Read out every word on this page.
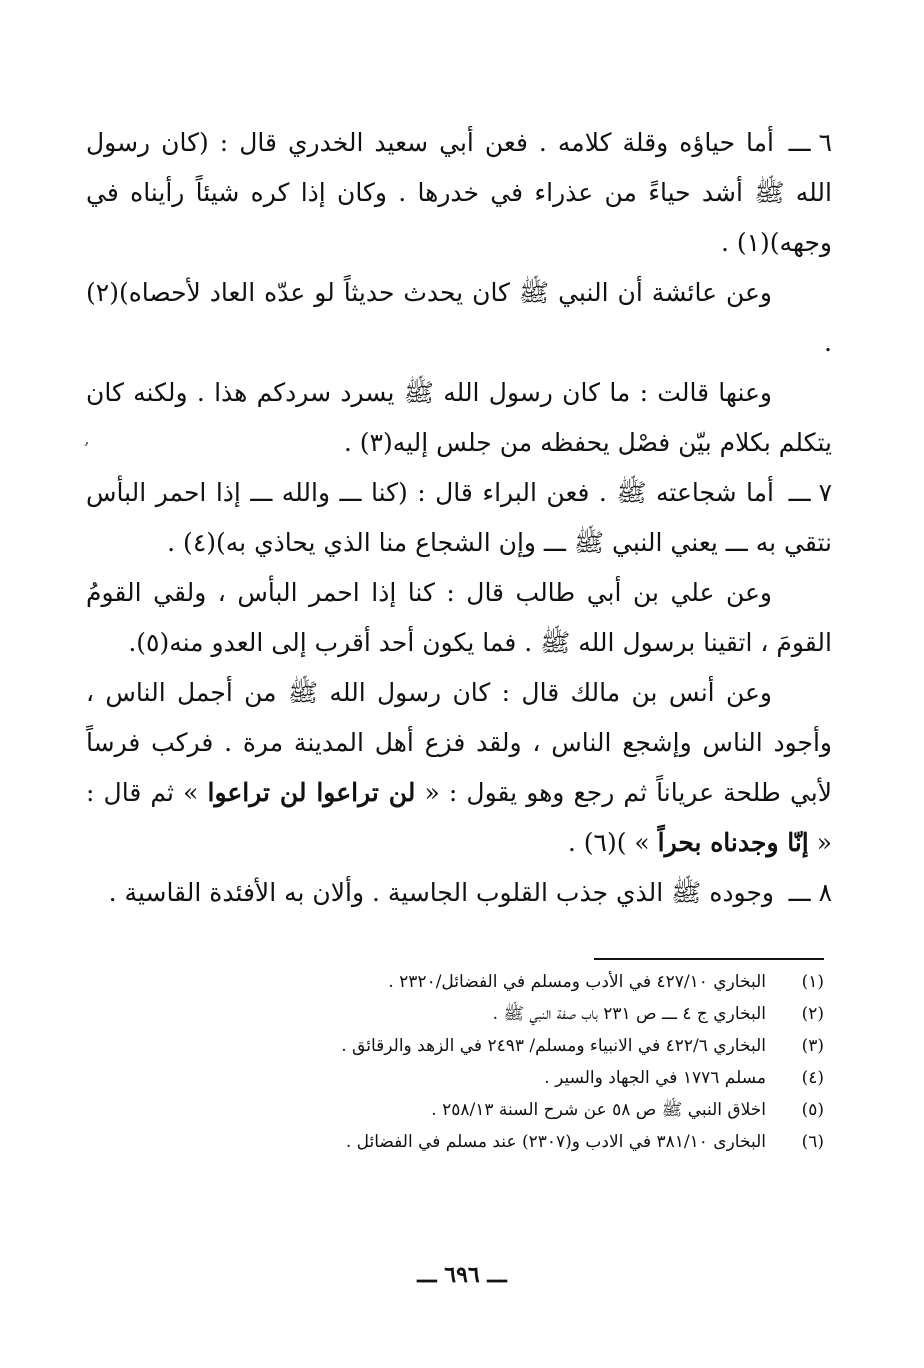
٦ ـــأما حياؤه وقلة كلامه . فعن أبي سعيد الخدري قال : (كان رسول الله ﷺ أشد حياءً من عذراء في خدرها . وكان إذا كره شيئاً رأيناه في وجهه)(١) .

وعن عائشة أن النبي ﷺ كان يحدث حديثاً لو عدّه العاد لأحصاه)(٢) .

وعنها قالت : ما كان رسول الله ﷺ يسرد سردكم هذا . ولكنه كان يتكلم بكلام بيّن فصْل يحفظه من جلس إليه(٣) .

٧ ـــأما شجاعته ﷺ . فعن البراء قال : (كنا ـــ والله ـــ إذا احمر البأس نتقي به ـــ يعني النبي ﷺ ـــ وإن الشجاع منا الذي يحاذي به)(٤) .

وعن علي بن أبي طالب قال : كنا إذا احمر البأس ، ولقي القومُ القومَ ، اتقينا برسول الله ﷺ . فما يكون أحد أقرب إلى العدو منه(٥).

وعن أنس بن مالك قال : كان رسول الله ﷺ من أجمل الناس ، وأجود الناس وإشجع الناس ، ولقد فزع أهل المدينة مرة . فركب فرساً لأبي طلحة عرياناً ثم رجع وهو يقول : « لن تراعوا لن تراعوا » ثم قال : « إنّا وجدناه بحراً » )(٦) .

٨ ـــوجوده ﷺ الذي جذب القلوب الجاسية . وألان به الأفئدة القاسية .

,
(١)
البخاري ٤٢٧/١٠ في الأدب ومسلم في الفضائل/٢٣٢٠ .
(٢)
البخاري ج ٤ ـــ ص ٢٣١ باب صفة النبي ﷺ .
(٣)
البخاري ٤٢٢/٦ في الانبياء ومسلم/ ٢٤٩٣ في الزهد والرقائق .
(٤)
مسلم ١٧٧٦ في الجهاد والسير .
(٥)
اخلاق النبي ﷺ ص ٥٨ عن شرح السنة ٢٥٨/١٣ .
(٦)
البخارى ٣٨١/١٠ في الادب و(٢٣٠٧) عند مسلم في الفضائل .
ـــ ٦٩٦ ـــ
